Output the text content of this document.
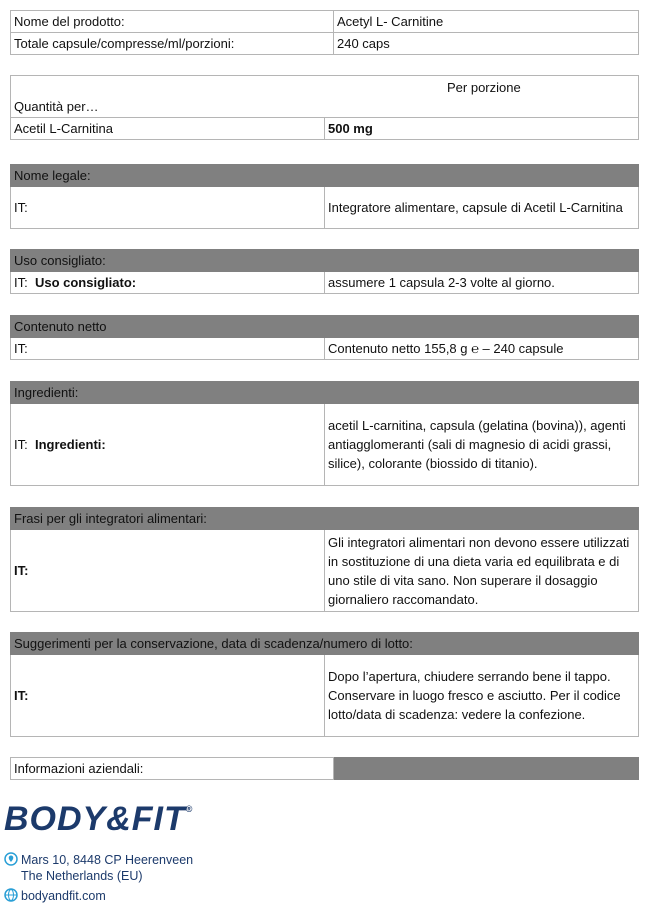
Nome del prodotto:	Acetyl L- Carnitine
Totale capsule/compresse/ml/porzioni:	240 caps
Per porzione
Quantità per…
Acetil L-Carnitina	500 mg
Nome legale:
IT:	Integratore alimentare, capsule di Acetil L-Carnitina
Uso consigliato:
IT: Uso consigliato:	assumere 1 capsula 2-3 volte al giorno.
Contenuto netto
IT:	Contenuto netto 155,8 g ℮ – 240 capsule
Ingredienti:
IT: Ingredienti:	acetil L-carnitina, capsula (gelatina (bovina)), agenti antiagglomeranti (sali di magnesio di acidi grassi, silice), colorante (biossido di titanio).
Frasi per gli integratori alimentari:
IT:	Gli integratori alimentari non devono essere utilizzati in sostituzione di una dieta varia ed equilibrata e di uno stile di vita sano. Non superare il dosaggio giornaliero raccomandato.
Suggerimenti per la conservazione, data di scadenza/numero di lotto:
IT:	Dopo l’apertura, chiudere serrando bene il tappo. Conservare in luogo fresco e asciutto. Per il codice lotto/data di scadenza: vedere la confezione.
Informazioni aziendali:	
BODY&FIT®
Mars 10, 8448 CP Heerenveen
The Netherlands (EU)
bodyandfit.com
